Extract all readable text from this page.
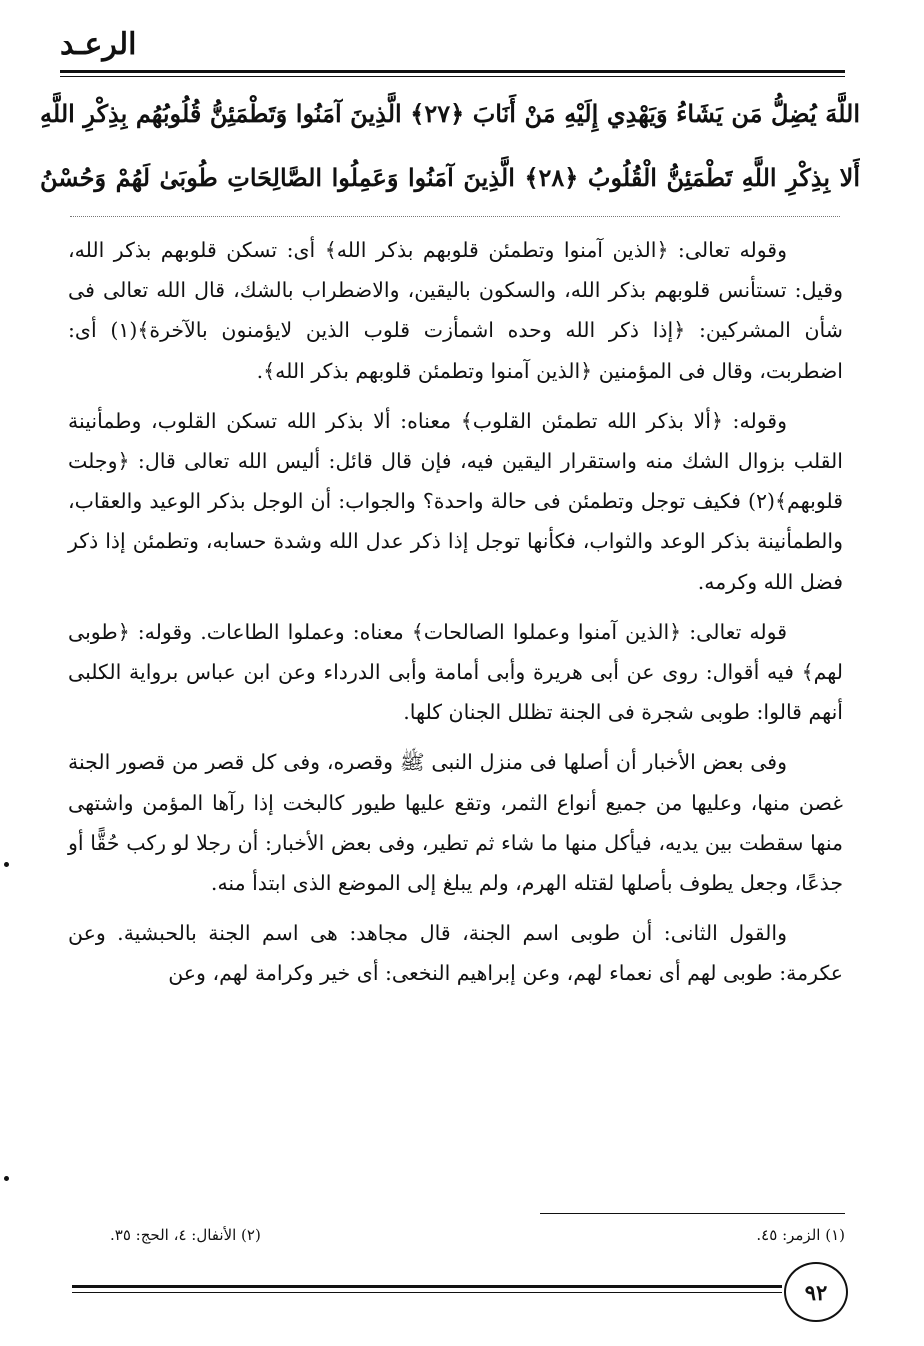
الرعـد
اللَّهَ يُضِلُّ مَن يَشَاءُ وَيَهْدِي إِلَيْهِ مَنْ أَنَابَ ﴿٢٧﴾ الَّذِينَ آمَنُوا وَتَطْمَئِنُّ قُلُوبُهُم بِذِكْرِ اللَّهِ
أَلا بِذِكْرِ اللَّهِ تَطْمَئِنُّ الْقُلُوبُ ﴿٢٨﴾ الَّذِينَ آمَنُوا وَعَمِلُوا الصَّالِحَاتِ طُوبَىٰ لَهُمْ وَحُسْنُ

وقوله تعالى: ﴿الذين آمنوا وتطمئن قلوبهم بذكر الله﴾ أى: تسكن قلوبهم بذكر الله، وقيل: تستأنس قلوبهم بذكر الله، والسكون باليقين، والاضطراب بالشك، قال الله تعالى فى شأن المشركين: ﴿إذا ذكر الله وحده اشمأزت قلوب الذين لايؤمنون بالآخرة﴾(١) أى: اضطربت، وقال فى المؤمنين ﴿الذين آمنوا وتطمئن قلوبهم بذكر الله﴾.

وقوله: ﴿ألا بذكر الله تطمئن القلوب﴾ معناه: ألا بذكر الله تسكن القلوب، وطمأنينة القلب بزوال الشك منه واستقرار اليقين فيه، فإن قال قائل: أليس الله تعالى قال: ﴿وجلت قلوبهم﴾(٢) فكيف توجل وتطمئن فى حالة واحدة؟ والجواب: أن الوجل بذكر الوعيد والعقاب، والطمأنينة بذكر الوعد والثواب، فكأنها توجل إذا ذكر عدل الله وشدة حسابه، وتطمئن إذا ذكر فضل الله وكرمه.

قوله تعالى: ﴿الذين آمنوا وعملوا الصالحات﴾ معناه: وعملوا الطاعات. وقوله: ﴿طوبى لهم﴾ فيه أقوال: روى عن أبى هريرة وأبى أمامة وأبى الدرداء وعن ابن عباس برواية الكلبى أنهم قالوا: طوبى شجرة فى الجنة تظلل الجنان كلها.

وفى بعض الأخبار أن أصلها فى منزل النبى ﷺ وقصره، وفى كل قصر من قصور الجنة غصن منها، وعليها من جميع أنواع الثمر، وتقع عليها طيور كالبخت إذا رآها المؤمن واشتهى منها سقطت بين يديه، فيأكل منها ما شاء ثم تطير، وفى بعض الأخبار: أن رجلا لو ركب حُقًّا أو جذعًا، وجعل يطوف بأصلها لقتله الهرم، ولم يبلغ إلى الموضع الذى ابتدأ منه.

والقول الثانى: أن طوبى اسم الجنة، قال مجاهد: هى اسم الجنة بالحبشية. وعن عكرمة: طوبى لهم أى نعماء لهم، وعن إبراهيم النخعى: أى خير وكرامة لهم، وعن

(١) الزمر: ٤٥.
(٢) الأنفال: ٤، الحج: ٣٥.
٩٢
